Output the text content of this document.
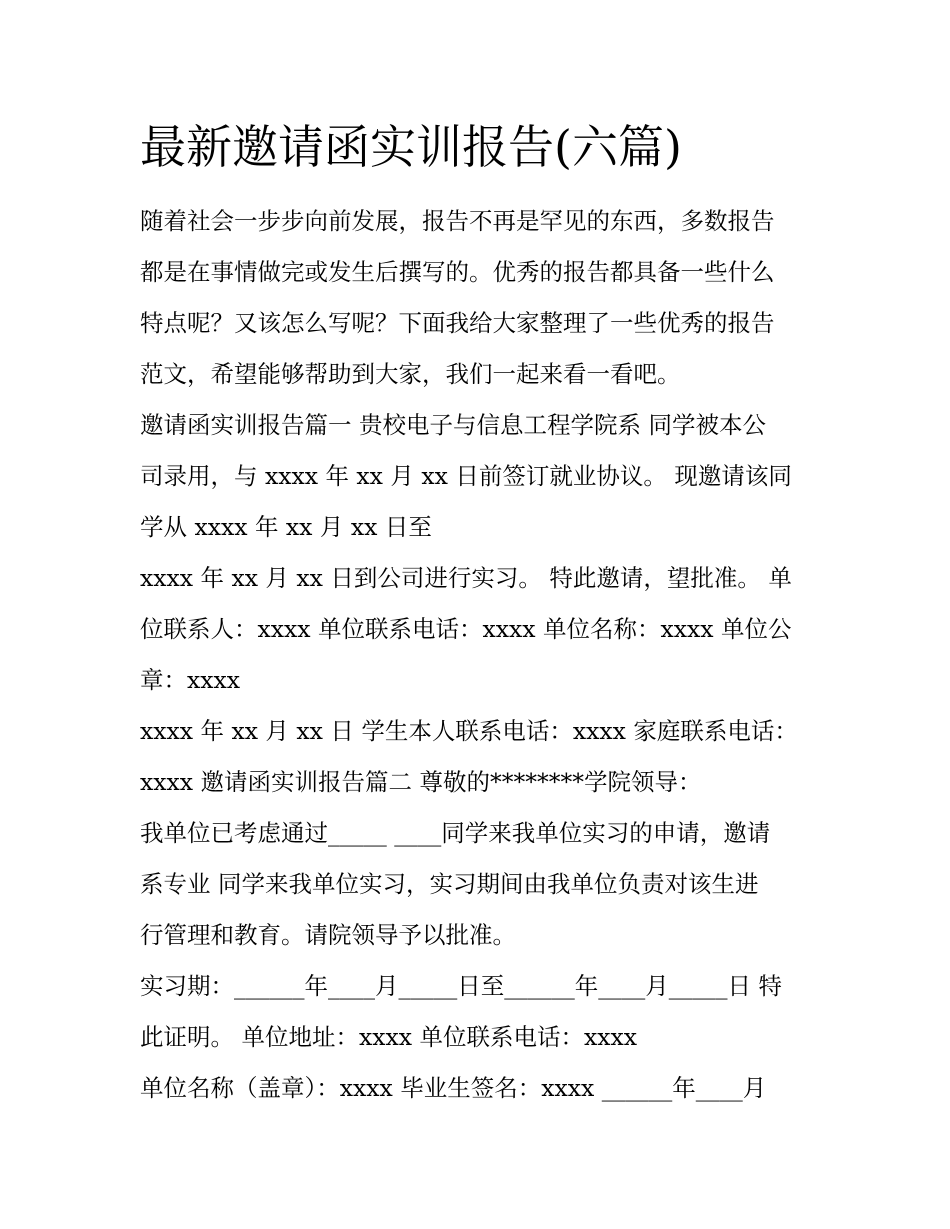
最新邀请函实训报告(六篇)
随着社会一步步向前发展，报告不再是罕见的东西，多数报告
都是在事情做完或发生后撰写的。优秀的报告都具备一些什么
特点呢？又该怎么写呢？下面我给大家整理了一些优秀的报告
范文，希望能够帮助到大家，我们一起来看一看吧。
邀请函实训报告篇一 贵校电子与信息工程学院系 同学被本公
司录用，与 xxxx 年 xx 月 xx 日前签订就业协议。 现邀请该同
学从 xxxx 年 xx 月 xx 日至
xxxx 年 xx 月 xx 日到公司进行实习。 特此邀请，望批准。 单
位联系人：xxxx 单位联系电话：xxxx 单位名称：xxxx 单位公
章：xxxx
xxxx 年 xx 月 xx 日 学生本人联系电话：xxxx 家庭联系电话：
xxxx 邀请函实训报告篇二 尊敬的********学院领导：
我单位已考虑通过_____ ____同学来我单位实习的申请，邀请
系专业 同学来我单位实习，实习期间由我单位负责对该生进
行管理和教育。请院领导予以批准。
实习期：______年____月_____日至______年____月_____日 特
此证明。 单位地址：xxxx 单位联系电话：xxxx
单位名称（盖章）：xxxx 毕业生签名：xxxx ______年____月
